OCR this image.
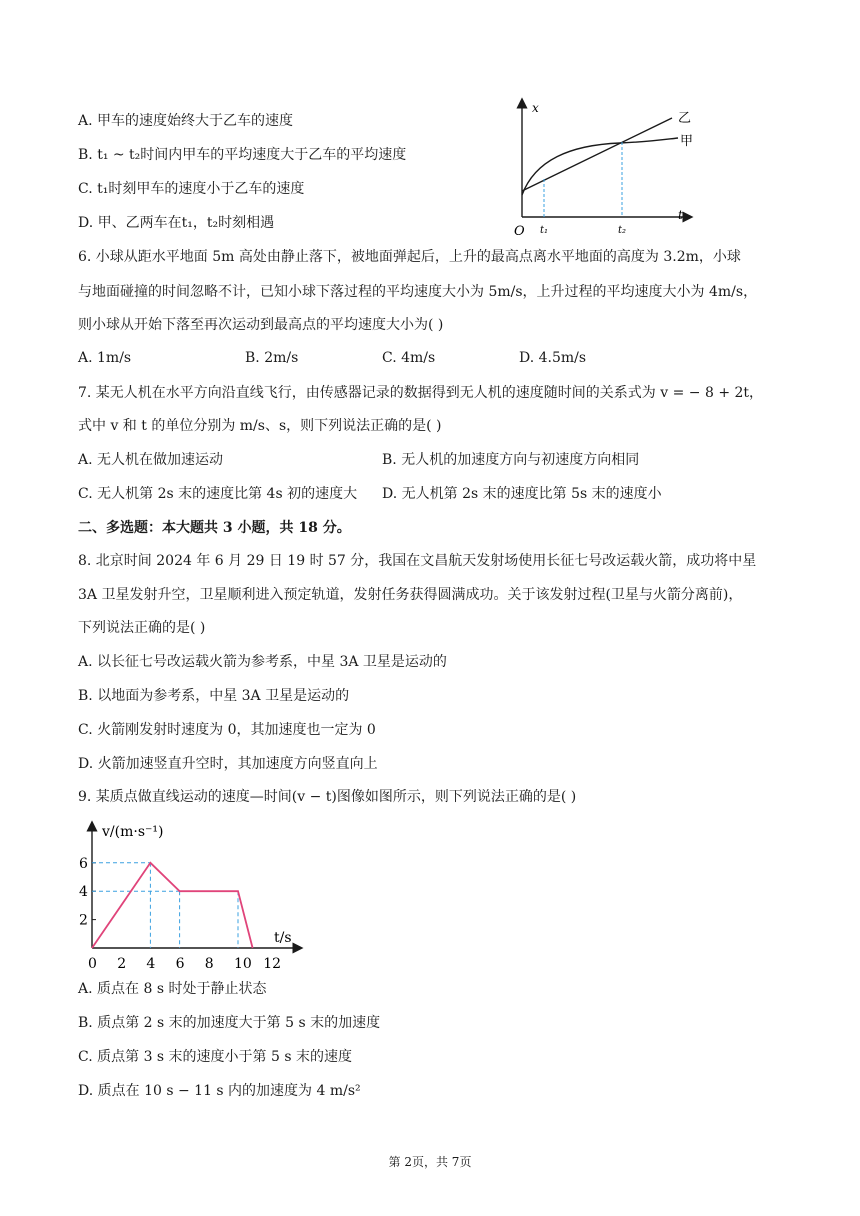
A. 甲车的速度始终大于乙车的速度
B. t₁ ~ t₂时间内甲车的平均速度大于乙车的平均速度
C. t₁时刻甲车的速度小于乙车的速度
D. 甲、乙两车在t₁，t₂时刻相遇
x
t
O t₁	t₂
乙
甲
6. 小球从距水平地面 5m 高处由静止落下，被地面弹起后，上升的最高点离水平地面的高度为 3.2m，小球
与地面碰撞的时间忽略不计，已知小球下落过程的平均速度大小为 5m/s，上升过程的平均速度大小为 4m/s，
则小球从开始下落至再次运动到最高点的平均速度大小为( )
A. 1m/s	B. 2m/s	C. 4m/s	D. 4.5m/s
7. 某无人机在水平方向沿直线飞行，由传感器记录的数据得到无人机的速度随时间的关系式为 v = − 8 + 2t，
式中 v 和 t 的单位分别为 m/s、s，则下列说法正确的是( )
A. 无人机在做加速运动	B. 无人机的加速度方向与初速度方向相同
C. 无人机第 2s 末的速度比第 4s 初的速度大 D. 无人机第 2s 末的速度比第 5s 末的速度小
二、多选题：本大题共 3 小题，共 18 分。
8. 北京时间 2024 年 6 月 29 日 19 时 57 分，我国在文昌航天发射场使用长征七号改运载火箭，成功将中星
3A 卫星发射升空，卫星顺利进入预定轨道，发射任务获得圆满成功。关于该发射过程(卫星与火箭分离前)，
下列说法正确的是( )
A. 以长征七号改运载火箭为参考系，中星 3A 卫星是运动的
B. 以地面为参考系，中星 3A 卫星是运动的
C. 火箭刚发射时速度为 0，其加速度也一定为 0
D. 火箭加速竖直升空时，其加速度方向竖直向上
9. 某质点做直线运动的速度—时间(v − t)图像如图所示，则下列说法正确的是( )
v/(m·s⁻¹)
t/s
0 2 4 6 8 10 12
2
4
6
A. 质点在 8 s 时处于静止状态
B. 质点第 2 s 末的加速度大于第 5 s 末的加速度
C. 质点第 3 s 末的速度小于第 5 s 末的速度
D. 质点在 10 s − 11 s 内的加速度为 4 m/s²
第 2页，共 7页
